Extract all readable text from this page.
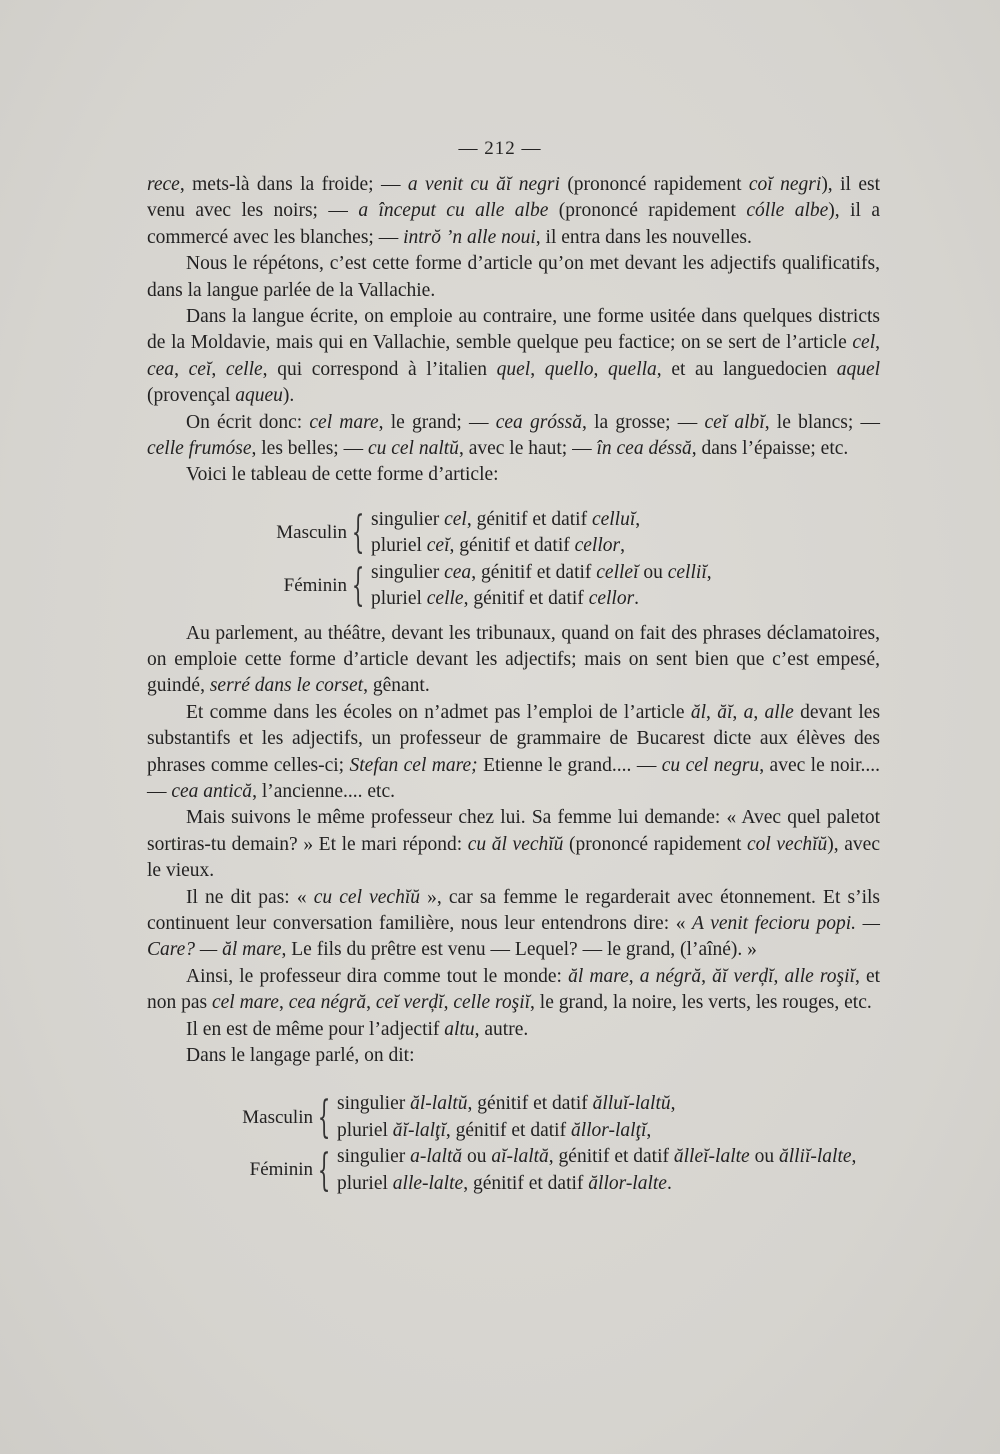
— 212 —

rece, mets-là dans la froide; — a venit cu ăĭ negri (prononcé rapidement coĭ negri), il est venu avec les noirs; — a început cu alle albe (prononcé rapidement cólle albe), il a commercé avec les blanches; — intrŏ ’n alle noui, il entra dans les nouvelles.

Nous le répétons, c’est cette forme d’article qu’on met devant les adjectifs qualificatifs, dans la langue parlée de la Vallachie.

Dans la langue écrite, on emploie au contraire, une forme usitée dans quelques districts de la Moldavie, mais qui en Vallachie, semble quelque peu factice; on se sert de l’article cel, cea, ceĭ, celle, qui correspond à l’italien quel, quello, quella, et au languedocien aquel (provençal aqueu).

On écrit donc: cel mare, le grand; — cea gróssă, la grosse; — ceĭ albĭ, le blancs; — celle frumóse, les belles; — cu cel naltŭ, avec le haut; — în cea déssă, dans l’épaisse; etc.

Voici le tableau de cette forme d’article:

Masculin { singulier cel, génitif et datif celluĭ,
pluriel ceĭ, génitif et datif cellor,
Féminin { singulier cea, génitif et datif celleĭ ou celliĭ,
pluriel celle, génitif et datif cellor.

Au parlement, au théâtre, devant les tribunaux, quand on fait des phrases déclamatoires, on emploie cette forme d’article devant les adjectifs; mais on sent bien que c’est empesé, guindé, serré dans le corset, gênant.

Et comme dans les écoles on n’admet pas l’emploi de l’article ăl, ăĭ, a, alle devant les substantifs et les adjectifs, un professeur de grammaire de Bucarest dicte aux élèves des phrases comme celles-ci; Stefan cel mare; Etienne le grand.... — cu cel negru, avec le noir.... — cea antică, l’ancienne.... etc.

Mais suivons le même professeur chez lui. Sa femme lui demande: « Avec quel paletot sortiras-tu demain? » Et le mari répond: cu ăl vechĭŭ (prononcé rapidement col vechĭŭ), avec le vieux.

Il ne dit pas: « cu cel vechĭŭ », car sa femme le regarderait avec étonnement. Et s’ils continuent leur conversation familière, nous leur entendrons dire: « A venit fecioru popi. — Care? — ăl mare, Le fils du prêtre est venu — Lequel? — le grand, (l’aîné). »

Ainsi, le professeur dira comme tout le monde: ăl mare, a négră, ăĭ verḑĭ, alle roşiĭ, et non pas cel mare, cea négră, ceĭ verḑĭ, celle roşiĭ, le grand, la noire, les verts, les rouges, etc.

Il en est de même pour l’adjectif altu, autre.

Dans le langage parlé, on dit:

Masculin { singulier ăl-laltŭ, génitif et datif ălluĭ-laltŭ,
pluriel ăĭ-lalţĭ, génitif et datif ăllor-lalţĭ,
Féminin { singulier a-laltă ou aĭ-laltă, génitif et datif ălleĭ-lalte ou ălliĭ-lalte,
pluriel alle-lalte, génitif et datif ăllor-lalte.
